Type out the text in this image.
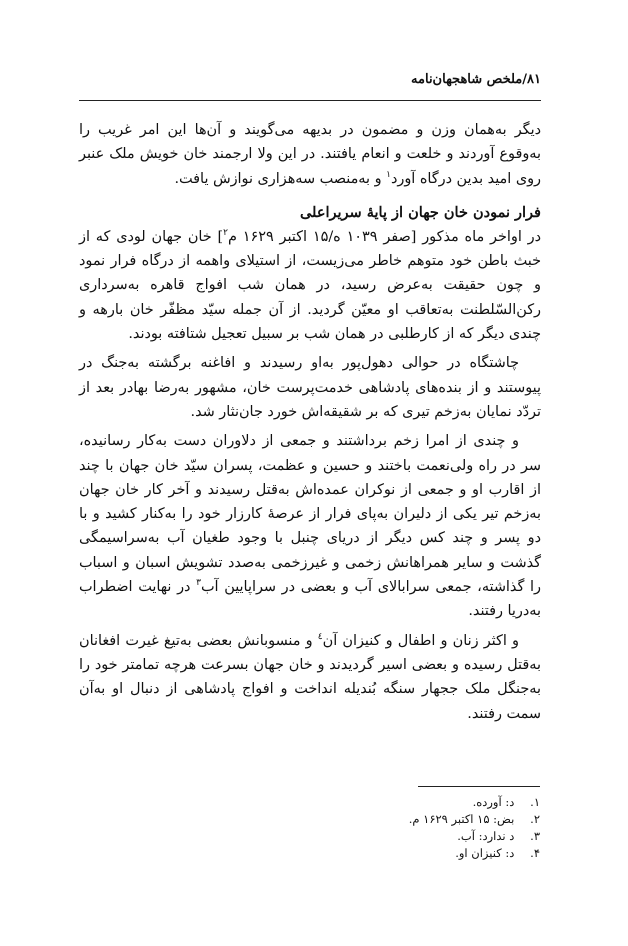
۸۱/ملخص شاهجهان‌نامه

دیگر به‌همان وزن و مضمون در بدیهه می‌گویند و آن‌ها این امر غریب را به‌وقوع آوردند و خلعت و انعام یافتند. در این ولا ارجمند خان خویش ملک عنبر روی امید بدین درگاه آورد$^۱$ و به‌منصب سه‌هزاری نوازش یافت.

فرار نمودن خان جهان از پایهٔ سریراعلی

در اواخر ماه مذکور [صفر ۱۰۳۹ ه/۱۵ اکتبر ۱۶۲۹ م$^۲$] خان جهان لودی که از خبث باطن خود متوهم خاطر می‌زیست، از استیلای واهمه از درگاه فرار نمود و چون حقیقت به‌عرض رسید، در همان شب افواج قاهره به‌سرداری رکن‌السّلطنت به‌تعاقب او معیّن گردید. از آن جمله سیّد مظفّر خان بارهه و چندی دیگر که از کارطلبی در همان شب بر سبیل تعجیل شتافته بودند.

چاشتگاه در حوالی دهول‌پور به‌او رسیدند و افاغنه برگشته به‌جنگ در پیوستند و از بنده‌های پادشاهی خدمت‌پرست خان، مشهور به‌رضا بهادر بعد از تردّد نمایان به‌زخم تیری که بر شقیقه‌اش خورد جان‌نثار شد.

و چندی از امرا زخم برداشتند و جمعی از دلاوران دست به‌کار رسانیده، سر در راه ولی‌نعمت باختند و حسین و عظمت، پسران سیّد خان جهان با چند از اقارب او و جمعی از نوکران عمده‌اش به‌قتل رسیدند و آخر کار خان جهان به‌زخم تیر یکی از دلیران به‌پای فرار از عرصهٔ کارزار خود را به‌کنار کشید و با دو پسر و چند کس دیگر از دریای چنبل با وجود طغیان آب به‌سراسیمگی گذشت و سایر همراهانش زخمی و غیرزخمی به‌صدد تشویش اسبان و اسباب را گذاشته، جمعی سرابالای آب و بعضی در سراپایین آب$^۳$ در نهایت اضطراب به‌دریا رفتند.

و اکثر زنان و اطفال و کنیزان آن$^٤$ و منسوبانش بعضی به‌تیغ غیرت افغانان به‌قتل رسیده و بعضی اسیر گردیدند و خان جهان بسرعت هرچه تمامتر خود را به‌جنگل ملک ججهار سنگه بُندیله انداخت و افواج پادشاهی از دنبال او به‌آن سمت رفتند.

۱. د: آورده.
۲. بض: ۱۵ اکتبر ۱۶۲۹ م.
۳. د ندارد: آب.
۴. د: کنیزان او.
